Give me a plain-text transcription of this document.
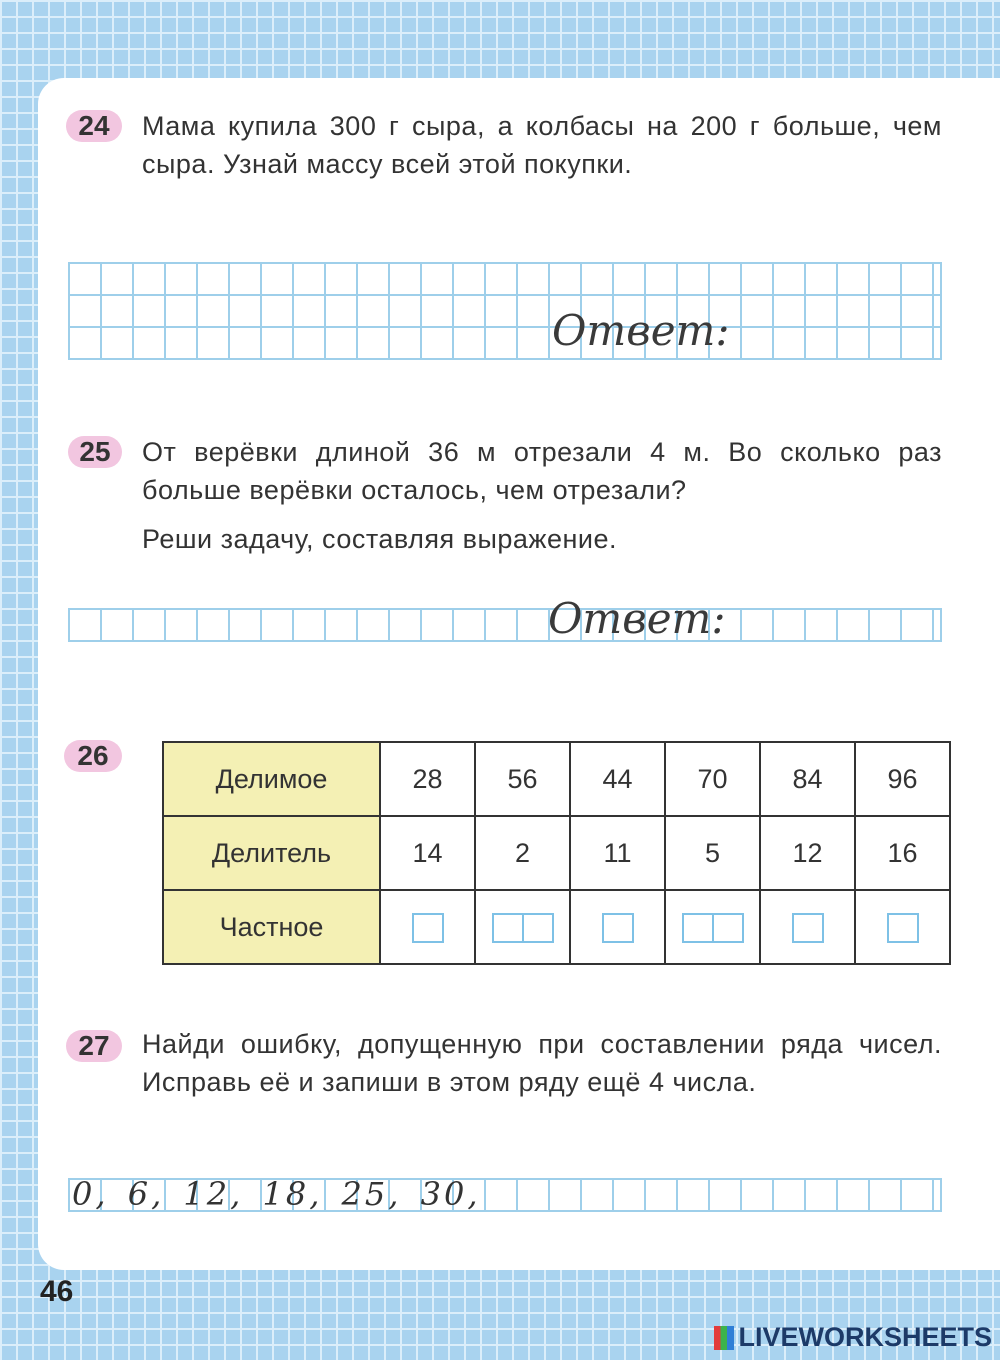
24	Мама купила 300 г сыра, а колбасы на 200 г больше, чем сыра. Узнай массу всей этой покупки.
Ответ:
25	От верёвки длиной 36 м отрезали 4 м. Во сколько раз больше верёвки осталось, чем отрезали?
Реши задачу, составляя выражение.
Ответ:
26
Делимое	28	56	44	70	84	96
Делитель	14	2	11	5	12	16
Частное						
27	Найди ошибку, допущенную при составлении ряда чисел. Исправь её и запиши в этом ряду ещё 4 числа.
0, 6, 12, 18, 25, 30,
46
LIVEWORKSHEETS
